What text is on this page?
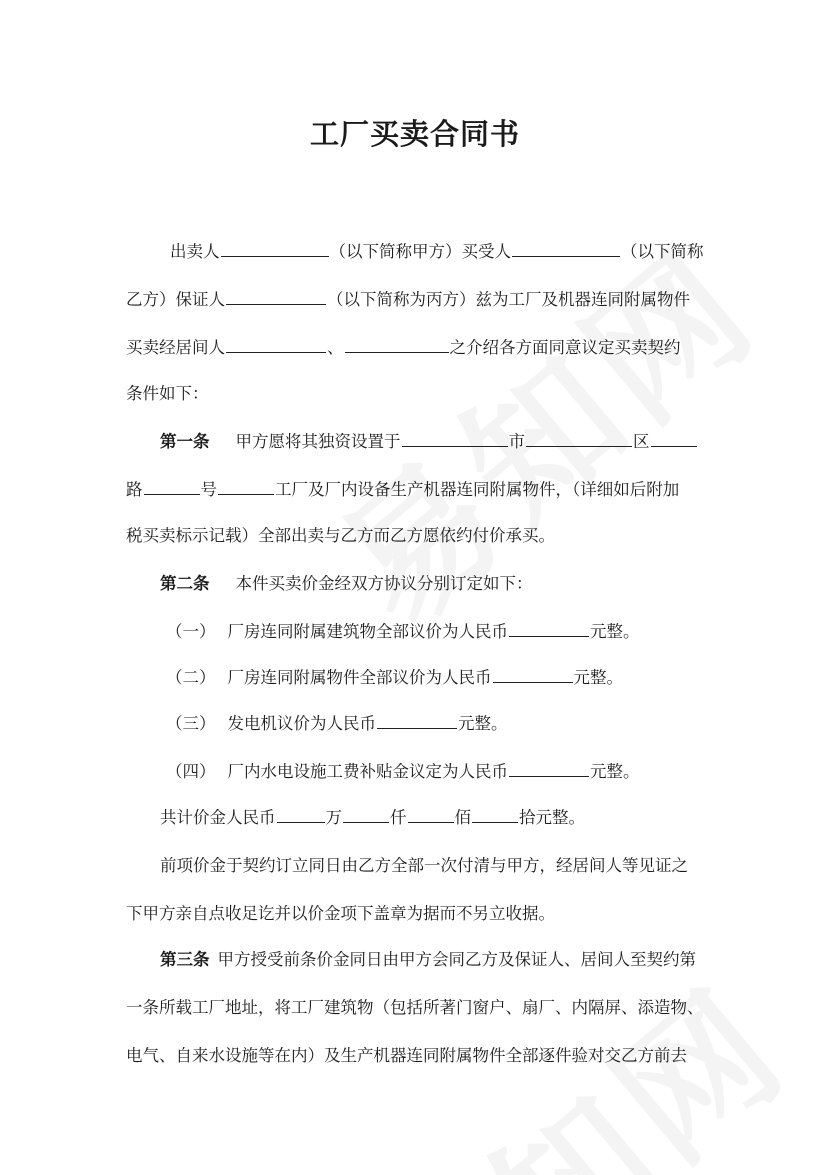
工厂买卖合同书
出卖人	（以下简称甲方）买受人	（以下简称
乙方）保证人	（以下简称为丙方）兹为工厂及机器连同附属物件
买卖经居间人	、	之介绍各方面同意议定买卖契约
条件如下：
第一条 甲方愿将其独资设置于	市	区
路	号	工厂及厂内设备生产机器连同附属物件，（详细如后附加
税买卖标示记载）全部出卖与乙方而乙方愿依约付价承买。
第二条 本件买卖价金经双方协议分别订定如下：
（一） 厂房连同附属建筑物全部议价为人民币	元整。
（二） 厂房连同附属物件全部议价为人民币	元整。
（三） 发电机议价为人民币	元整。
（四） 厂内水电设施工费补贴金议定为人民币	元整。
共计价金人民币	万	仟	佰	拾元整。
前项价金于契约订立同日由乙方全部一次付清与甲方，经居间人等见证之
下甲方亲自点收足讫并以价金项下盖章为据而不另立收据。
第三条 甲方授受前条价金同日由甲方会同乙方及保证人、居间人至契约第
一条所载工厂地址，将工厂建筑物（包括所著门窗户、扇厂、内隔屏、添造物、
电气、自来水设施等在内）及生产机器连同附属物件全部逐件验对交乙方前去
